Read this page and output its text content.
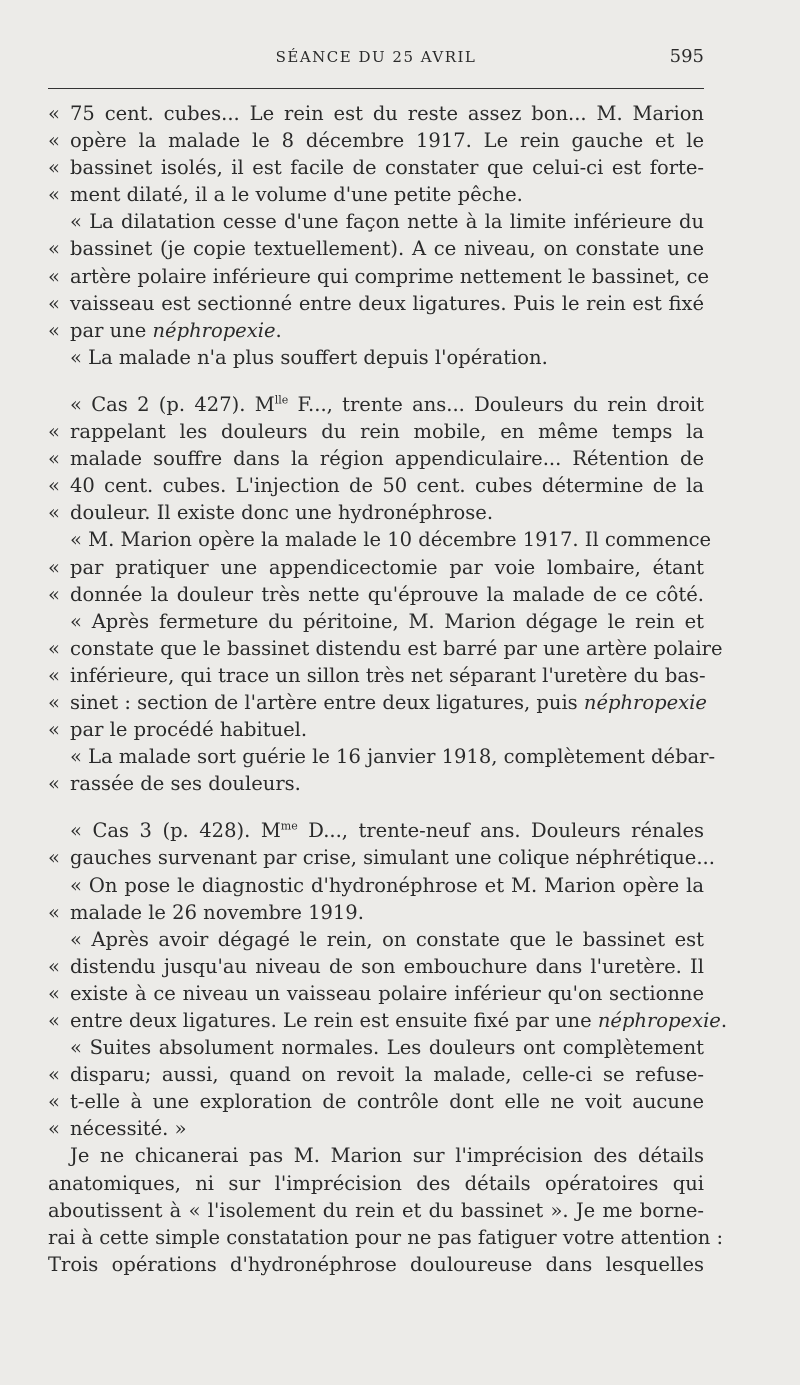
SÉANCE DU 25 AVRIL	595
« 75 cent. cubes... Le rein est du reste assez bon... M. Marion
« opère la malade le 8 décembre 1917. Le rein gauche et le
« bassinet isolés, il est facile de constater que celui-ci est forte-
« ment dilaté, il a le volume d'une petite pêche.
« La dilatation cesse d'une façon nette à la limite inférieure du
« bassinet (je copie textuellement). A ce niveau, on constate une
« artère polaire inférieure qui comprime nettement le bassinet, ce
« vaisseau est sectionné entre deux ligatures. Puis le rein est fixé
« par une néphropexie.
« La malade n'a plus souffert depuis l'opération.
« Cas 2 (p. 427). $M^{lle}$ F..., trente ans... Douleurs du rein droit
« rappelant les douleurs du rein mobile, en même temps la
« malade souffre dans la région appendiculaire... Rétention de
« 40 cent. cubes. L'injection de 50 cent. cubes détermine de la
« douleur. Il existe donc une hydronéphrose.
« M. Marion opère la malade le 10 décembre 1917. Il commence
« par pratiquer une appendicectomie par voie lombaire, étant
« donnée la douleur très nette qu'éprouve la malade de ce côté.
« Après fermeture du péritoine, M. Marion dégage le rein et
« constate que le bassinet distendu est barré par une artère polaire
« inférieure, qui trace un sillon très net séparant l'uretère du bas-
« sinet : section de l'artère entre deux ligatures, puis néphropexie
« par le procédé habituel.
« La malade sort guérie le 16 janvier 1918, complètement débar-
« rassée de ses douleurs.
« Cas 3 (p. 428). $M^{me}$ D..., trente-neuf ans. Douleurs rénales
« gauches survenant par crise, simulant une colique néphrétique...
« On pose le diagnostic d'hydronéphrose et M. Marion opère la
« malade le 26 novembre 1919.
« Après avoir dégagé le rein, on constate que le bassinet est
« distendu jusqu'au niveau de son embouchure dans l'uretère. Il
« existe à ce niveau un vaisseau polaire inférieur qu'on sectionne
« entre deux ligatures. Le rein est ensuite fixé par une néphropexie.
« Suites absolument normales. Les douleurs ont complètement
« disparu; aussi, quand on revoit la malade, celle-ci se refuse-
« t-elle à une exploration de contrôle dont elle ne voit aucune
« nécessité. »
Je ne chicanerai pas M. Marion sur l'imprécision des détails
anatomiques, ni sur l'imprécision des détails opératoires qui
aboutissent à « l'isolement du rein et du bassinet ». Je me borne-
rai à cette simple constatation pour ne pas fatiguer votre attention :
Trois opérations d'hydronéphrose douloureuse dans lesquelles
